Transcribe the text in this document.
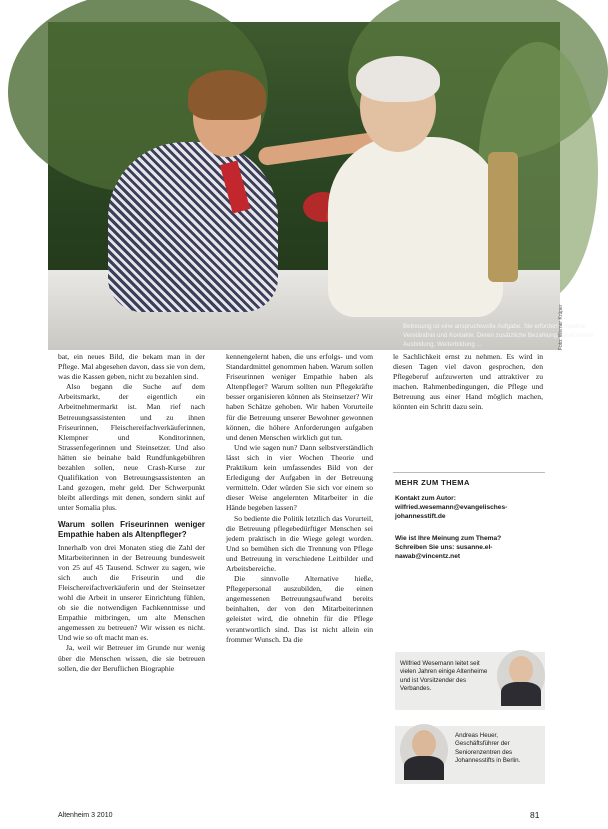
Betreuung ist eine anspruchsvolle Aufgabe. Sie erfordert Empathie, Verständnis und Kontakte. Deren zusätzliche Bezahlung, strukturierte Ausbildung, Weiterbildung ...	Foto: Werner Krüper

bat, ein neues Bild, die bekam man in der Pflege. Mal abgesehen davon, dass sie von dem, was die Kassen geben, nicht zu bezahlen sind.

Also begann die Suche auf dem Arbeitsmarkt, der eigentlich ein Arbeitnehmermarkt ist. Man rief nach Betreuungsassistenten und zu ihnen Friseurinnen, Fleischereifachverkäuferinnen, Klempner und Konditorinnen, Strassenfegerinnen und Steinsetzer. Und also hätten sie beinahe bald Rundfunkgebühren bezahlen sollen, neue Crash-Kurse zur Qualifikation von Betreuungsassistenten an Land gezogen, mehr geld. Der Schwerpunkt bleibt allerdings mit denen, sondern sinkt auf unter Somalia plus.

Warum sollen Friseurinnen weniger Empathie haben als Altenpfleger?

Innerhalb von drei Monaten stieg die Zahl der Mitarbeiterinnen in der Betreuung bundesweit von 25 auf 45 Tausend. Schwer zu sagen, wie sich auch die Friseurin und die Fleischereifachverkäuferin und der Steinsetzer wohl die Arbeit in unserer Einrichtung fühlen, ob sie die notwendigen Fachkenntnisse und Empathie mitbringen, um alte Menschen angemessen zu betreuen? Wir wissen es nicht. Und wie so oft macht man es.

Ja, weil wir Betreuer im Grunde nur wenig über die Menschen wissen, die sie betreuen sollen, die der Beruflichen Biographie

kennengelernt haben, die uns erfolgs- und vom Standardmittel genommen haben. Warum sollen Friseurinnen weniger Empathie haben als Altenpfleger? Warum sollten nun Pflegekräfte besser organisieren können als Steinsetzer? Wir haben Schätze gehoben. Wir haben Vorurteile für die Betreuung unserer Bewohner gewonnen können, die höhere Anforderungen aufgaben und denen Menschen wirklich gut tun.

Und wie sagen nun? Dann selbstverständlich lässt sich in vier Wochen Theorie und Praktikum kein umfassendes Bild von der Erledigung der Aufgaben in der Betreuung vermitteln. Oder würden Sie sich vor einem so dieser Weise angelernten Mitarbeiter in die Hände begeben lassen?

So bediente die Politik letztlich das Vorurteil, die Betreuung pflegebedürftiger Menschen sei jedem praktisch in die Wiege gelegt worden. Und so bemühen sich die Trennung von Pflege und Betreuung in verschiedene Leitbilder und Arbeitsbereiche.

Die sinnvolle Alternative hieße, Pflegepersonal auszubilden, die einen angemessenen Betreuungsaufwand bereits beinhalten, der von den Mitarbeiterinnen geleistet wird, die ohnehin für die Pflege verantwortlich sind. Das ist nicht allein ein frommer Wunsch. Da die

le Sachlichkeit ernst zu nehmen. Es wird in diesen Tagen viel davon gesprochen, den Pflegeberuf aufzuwerten und attraktiver zu machen. Rahmenbedingungen, die Pflege und Betreuung aus einer Hand möglich machen, könnten ein Schritt dazu sein.

MEHR ZUM THEMA
Kontakt zum Autor:
wilfried.wesemann@evangelisches-johannesstift.de
Wie ist Ihre Meinung zum Thema?
Schreiben Sie uns: susanne.el-nawab@vincentz.net
Wilfried Wesemann leitet seit vielen Jahren einige Altenheime und ist Vorsitzender des Verbandes.
Andreas Heuer, Geschäftsführer der Seniorenzentren des Johannesstifts in Berlin.
Altenheim 3 2010	81
